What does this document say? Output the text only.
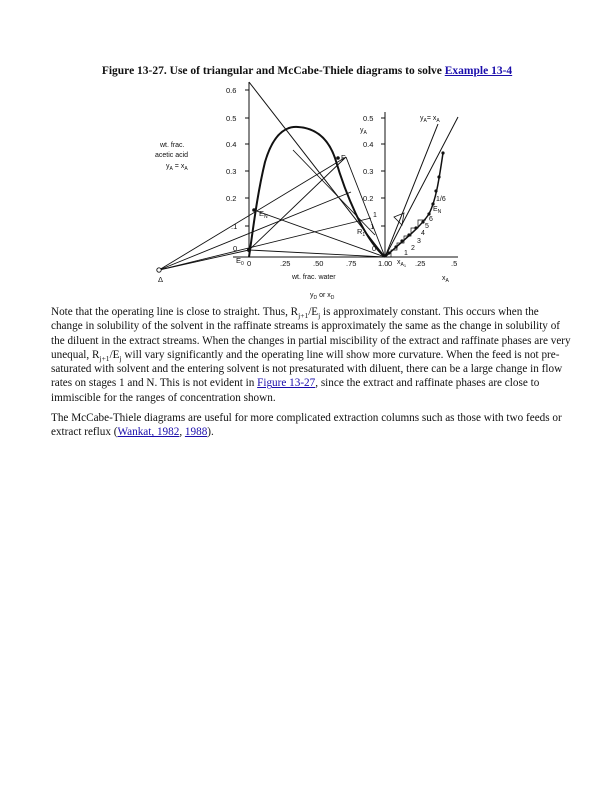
Figure 13-27. Use of triangular and McCabe-Thiele diagrams to solve Example 13-4
0.6
0.5
0.4
0.3
0.2
.1
0
0	.25	.50	.75	1.0
wt. frac.
acetic acid
$y_A = x_A$
Δ
F
$E_N$
$E_0$
$R_1$
wt. frac. water
$y_D$ or $x_D$
0.5
0.4
0.3
0.2
.1
0
0	.25	.5
$y_A$
$y_A= x_A$
$x_A$
$x_A1$
1/6
$E_N$
6
5
4
3
2
1
1

Note that the operating line is close to straight. Thus, $R_{j+1}/E_j$ is approximately constant. This occurs when the change in solubility of the solvent in the raffinate streams is approximately the same as the change in solubility of the diluent in the extract streams. When the changes in partial miscibility of the extract and raffinate phases are very unequal, $R_{j+1}/E_j$ will vary significantly and the operating line will show more curvature. When the feed is not pre-saturated with solvent and the entering solvent is not presaturated with diluent, there can be a large change in flow rates on stages 1 and N. This is not evident in Figure 13-27, since the extract and raffinate phases are close to immiscible for the ranges of concentration shown.

The McCabe-Thiele diagrams are useful for more complicated extraction columns such as those with two feeds or extract reflux (Wankat, 1982, 1988).
